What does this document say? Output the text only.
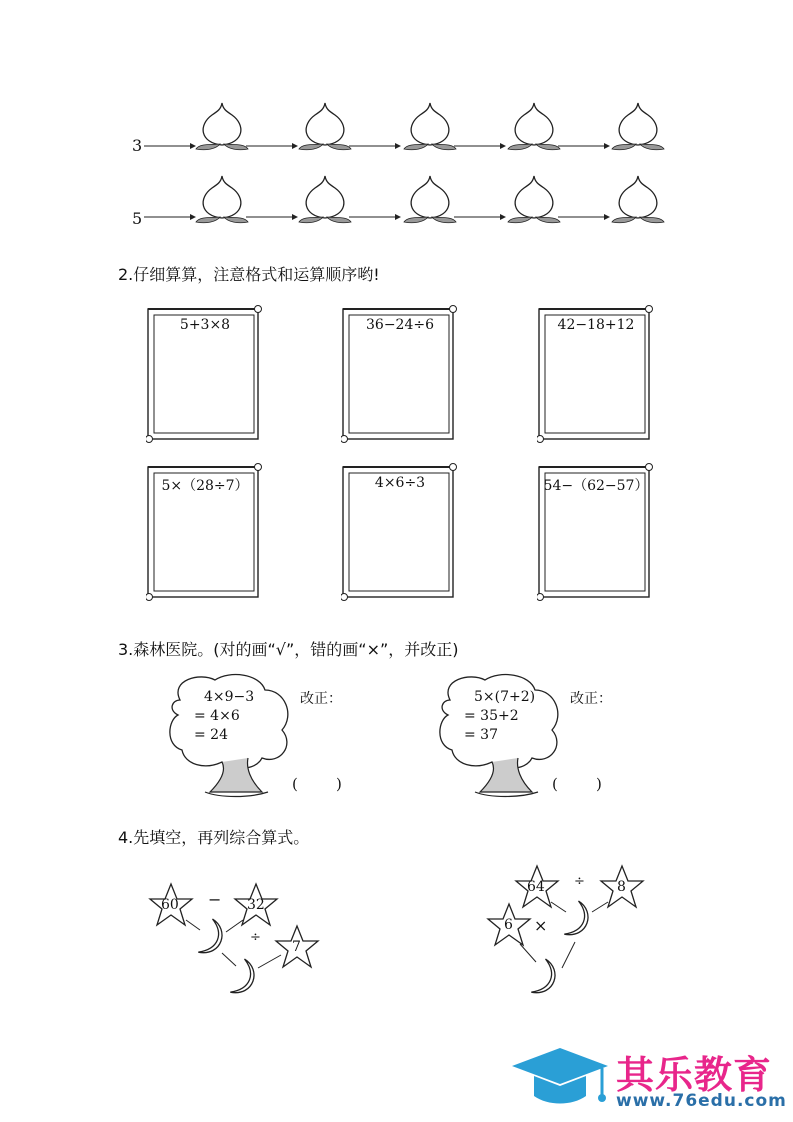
3
5
2.仔细算算，注意格式和运算顺序哟!
5+3×8	36−24÷6	42−18+12
5×（28÷7）	4×6÷3	54−（62−57）
3.森林医院。(对的画“√”，错的画“×”，并改正)
4×9−3
= 4×6
= 24
改正：
(        )
5×(7+2)
= 35+2
= 37
改正：
(        )
4.先填空，再列综合算式。
60	32
7
−
÷
64	8
6
÷
×
其乐教育
www.76edu.com
